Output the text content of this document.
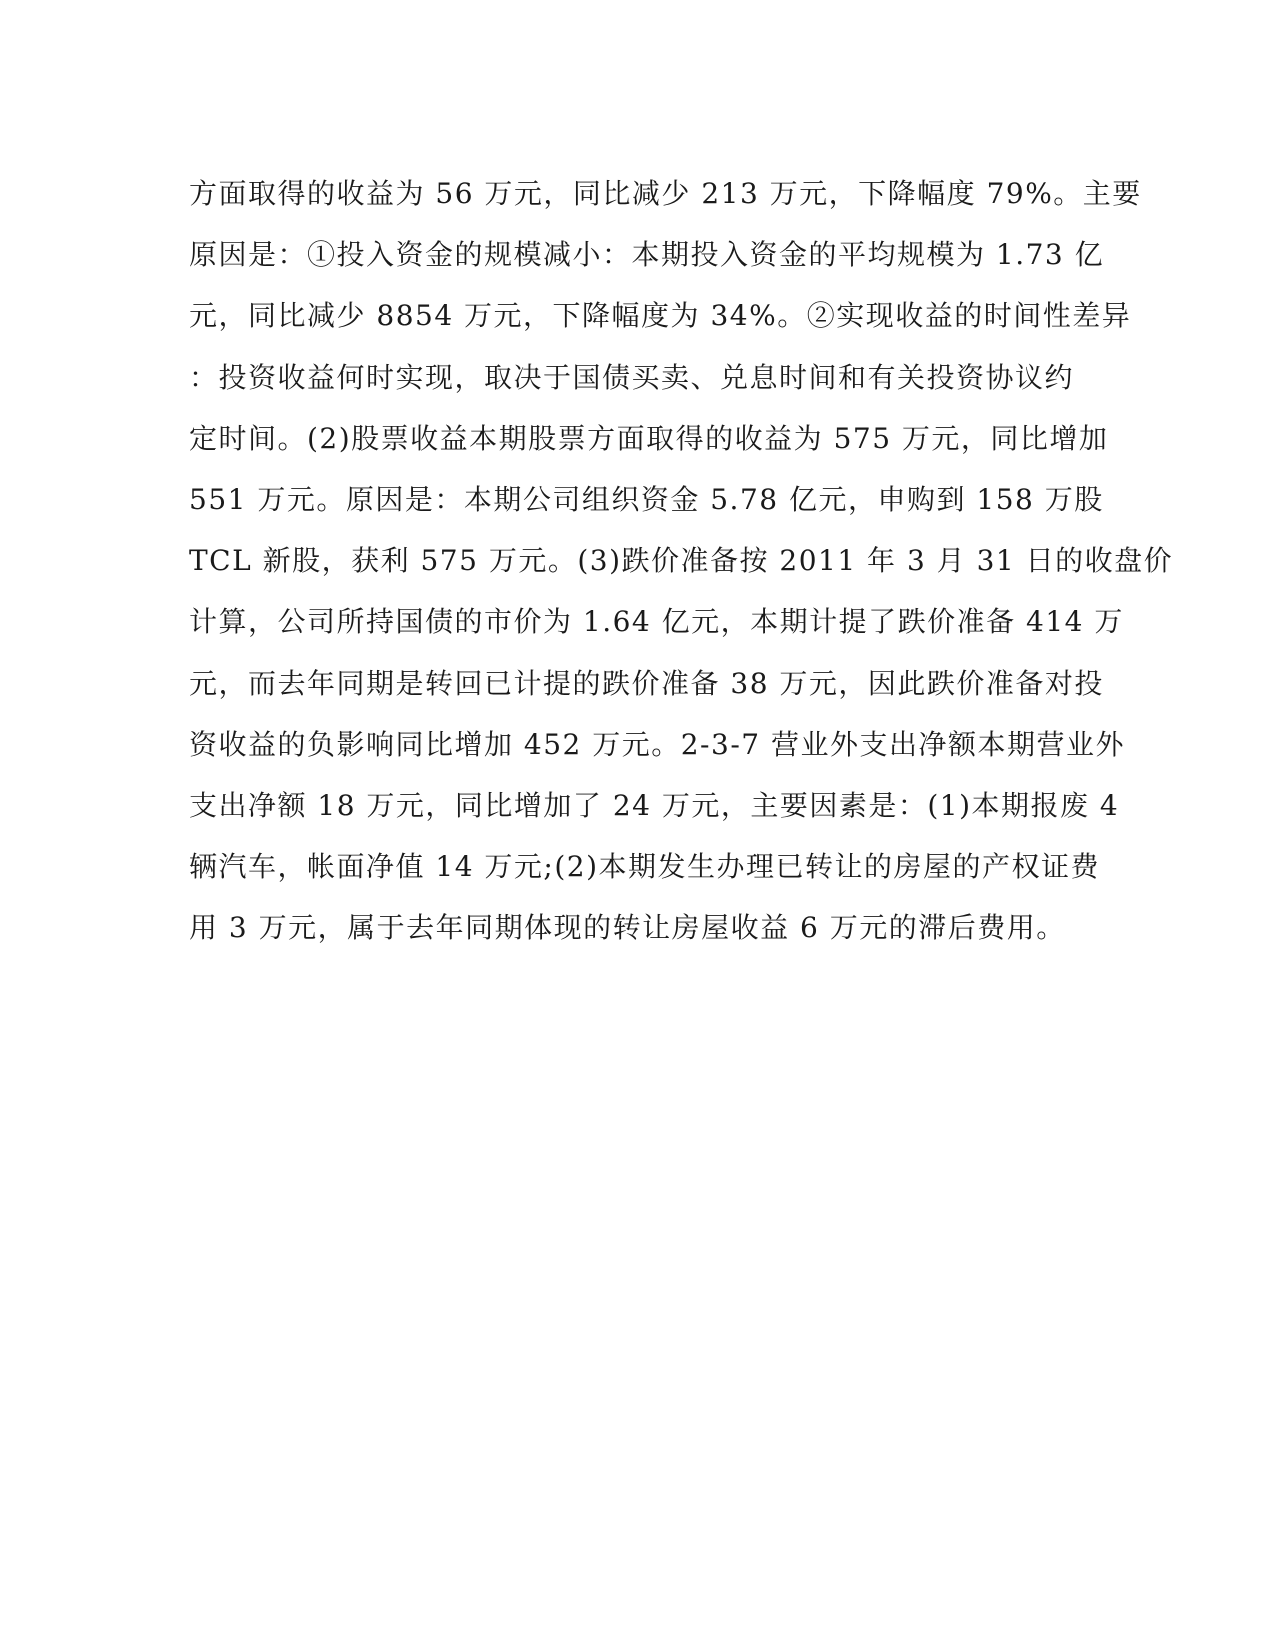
方面取得的收益为 56 万元，同比减少 213 万元，下降幅度 79%。主要
原因是：①投入资金的规模减小：本期投入资金的平均规模为 1.73 亿
元，同比减少 8854 万元，下降幅度为 34%。②实现收益的时间性差异
：投资收益何时实现，取决于国债买卖、兑息时间和有关投资协议约
定时间。(2)股票收益本期股票方面取得的收益为 575 万元，同比增加
551 万元。原因是：本期公司组织资金 5.78 亿元，申购到 158 万股
TCL 新股，获利 575 万元。(3)跌价准备按 2011 年 3 月 31 日的收盘价
计算，公司所持国债的市价为 1.64 亿元，本期计提了跌价准备 414 万
元，而去年同期是转回已计提的跌价准备 38 万元，因此跌价准备对投
资收益的负影响同比增加 452 万元。2-3-7 营业外支出净额本期营业外
支出净额 18 万元，同比增加了 24 万元，主要因素是：(1)本期报废 4
辆汽车，帐面净值 14 万元;(2)本期发生办理已转让的房屋的产权证费
用 3 万元，属于去年同期体现的转让房屋收益 6 万元的滞后费用。
